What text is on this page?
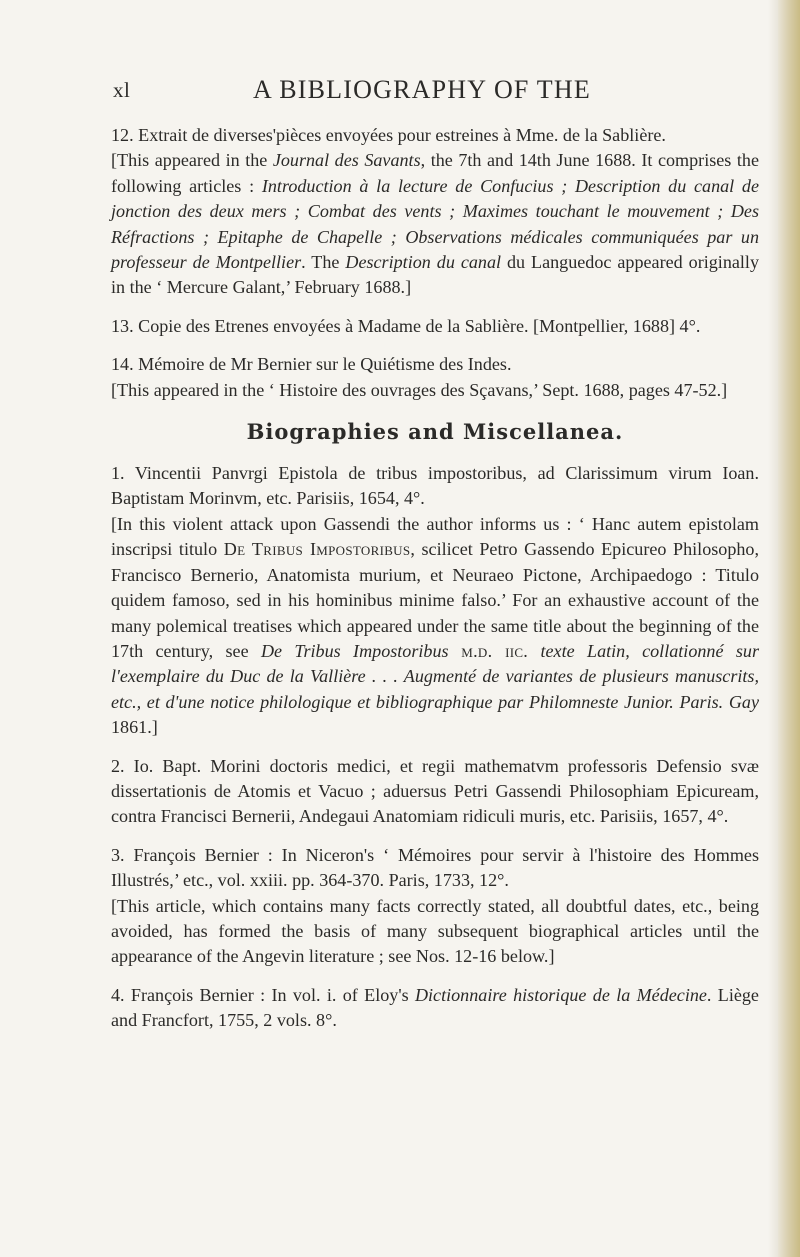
xl	A BIBLIOGRAPHY OF THE

12. Extrait de diverses'pièces envoyées pour estreines à Mme. de la Sablière.

[This appeared in the Journal des Savants, the 7th and 14th June 1688. It comprises the following articles : Introduction à la lecture de Confucius ; Description du canal de jonction des deux mers ; Combat des vents ; Maximes touchant le mouvement ; Des Réfractions ; Epitaphe de Chapelle ; Observations médicales communiquées par un professeur de Montpellier. The Description du canal du Languedoc appeared originally in the ‘ Mercure Galant,’ February 1688.]

13. Copie des Etrenes envoyées à Madame de la Sablière. [Montpellier, 1688] 4°.

14. Mémoire de Mr Bernier sur le Quiétisme des Indes.

[This appeared in the ‘ Histoire des ouvrages des Sçavans,’ Sept. 1688, pages 47-52.]

Biographies and Miscellanea.

1. Vincentii Panvrgi Epistola de tribus impostoribus, ad Clarissimum virum Ioan. Baptistam Morinvm, etc. Parisiis, 1654, 4°.

[In this violent attack upon Gassendi the author informs us : ‘ Hanc autem epistolam inscripsi titulo De Tribus Impostoribus, scilicet Petro Gassendo Epicureo Philosopho, Francisco Bernerio, Anatomista murium, et Neuraeo Pictone, Archipaedogo : Titulo quidem famoso, sed in his hominibus minime falso.’ For an exhaustive account of the many polemical treatises which appeared under the same title about the beginning of the 17th century, see De Tribus Impostoribus m.d. iic. texte Latin, collationné sur l'exemplaire du Duc de la Vallière . . . Augmenté de variantes de plusieurs manuscrits, etc., et d'une notice philologique et bibliographique par Philomneste Junior. Paris. Gay 1861.]

2. Io. Bapt. Morini doctoris medici, et regii mathematvm professoris Defensio svæ dissertationis de Atomis et Vacuo ; aduersus Petri Gassendi Philosophiam Epicuream, contra Francisci Bernerii, Andegaui Anatomiam ridiculi muris, etc. Parisiis, 1657, 4°.

3. François Bernier : In Niceron's ‘ Mémoires pour servir à l'histoire des Hommes Illustrés,’ etc., vol. xxiii. pp. 364-370. Paris, 1733, 12°.

[This article, which contains many facts correctly stated, all doubtful dates, etc., being avoided, has formed the basis of many subsequent biographical articles until the appearance of the Angevin literature ; see Nos. 12-16 below.]

4. François Bernier : In vol. i. of Eloy's Dictionnaire historique de la Médecine. Liège and Francfort, 1755, 2 vols. 8°.
